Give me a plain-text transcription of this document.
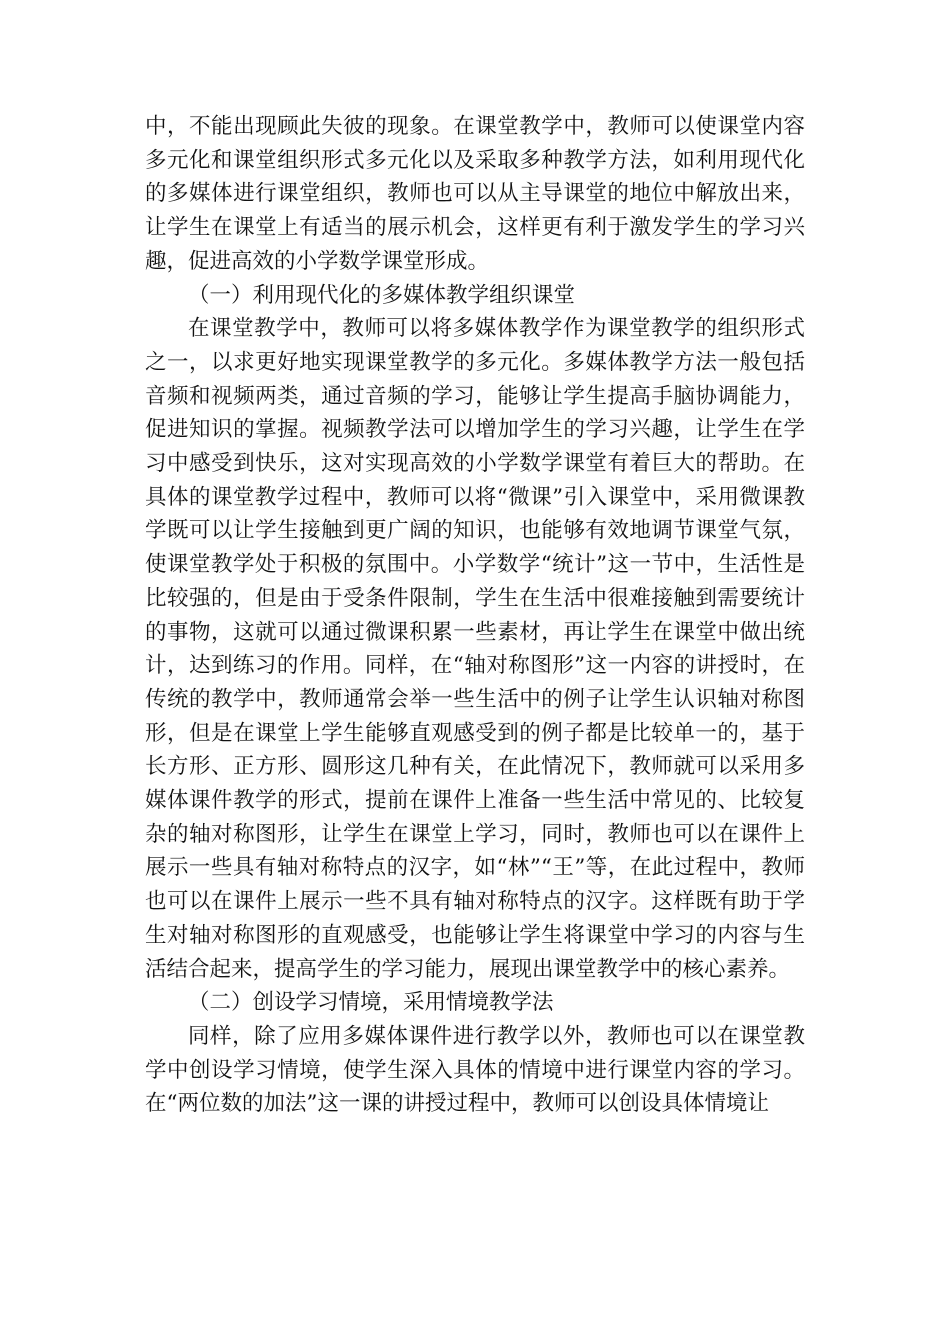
中，不能出现顾此失彼的现象。在课堂教学中，教师可以使课堂内容多元化和课堂组织形式多元化以及采取多种教学方法，如利用现代化的多媒体进行课堂组织，教师也可以从主导课堂的地位中解放出来，让学生在课堂上有适当的展示机会，这样更有利于激发学生的学习兴趣，促进高效的小学数学课堂形成。

（一）利用现代化的多媒体教学组织课堂

在课堂教学中，教师可以将多媒体教学作为课堂教学的组织形式之一，以求更好地实现课堂教学的多元化。多媒体教学方法一般包括音频和视频两类，通过音频的学习，能够让学生提高手脑协调能力，促进知识的掌握。视频教学法可以增加学生的学习兴趣，让学生在学习中感受到快乐，这对实现高效的小学数学课堂有着巨大的帮助。在具体的课堂教学过程中，教师可以将“微课”引入课堂中，采用微课教学既可以让学生接触到更广阔的知识，也能够有效地调节课堂气氛，使课堂教学处于积极的氛围中。小学数学“统计”这一节中，生活性是比较强的，但是由于受条件限制，学生在生活中很难接触到需要统计的事物，这就可以通过微课积累一些素材，再让学生在课堂中做出统计，达到练习的作用。同样，在“轴对称图形”这一内容的讲授时，在传统的教学中，教师通常会举一些生活中的例子让学生认识轴对称图形，但是在课堂上学生能够直观感受到的例子都是比较单一的，基于长方形、正方形、圆形这几种有关，在此情况下，教师就可以采用多媒体课件教学的形式，提前在课件上准备一些生活中常见的、比较复杂的轴对称图形，让学生在课堂上学习，同时，教师也可以在课件上展示一些具有轴对称特点的汉字，如“林”“王”等，在此过程中，教师也可以在课件上展示一些不具有轴对称特点的汉字。这样既有助于学生对轴对称图形的直观感受，也能够让学生将课堂中学习的内容与生活结合起来，提高学生的学习能力，展现出课堂教学中的核心素养。

（二）创设学习情境，采用情境教学法

同样，除了应用多媒体课件进行教学以外，教师也可以在课堂教学中创设学习情境，使学生深入具体的情境中进行课堂内容的学习。在“两位数的加法”这一课的讲授过程中，教师可以创设具体情境让
